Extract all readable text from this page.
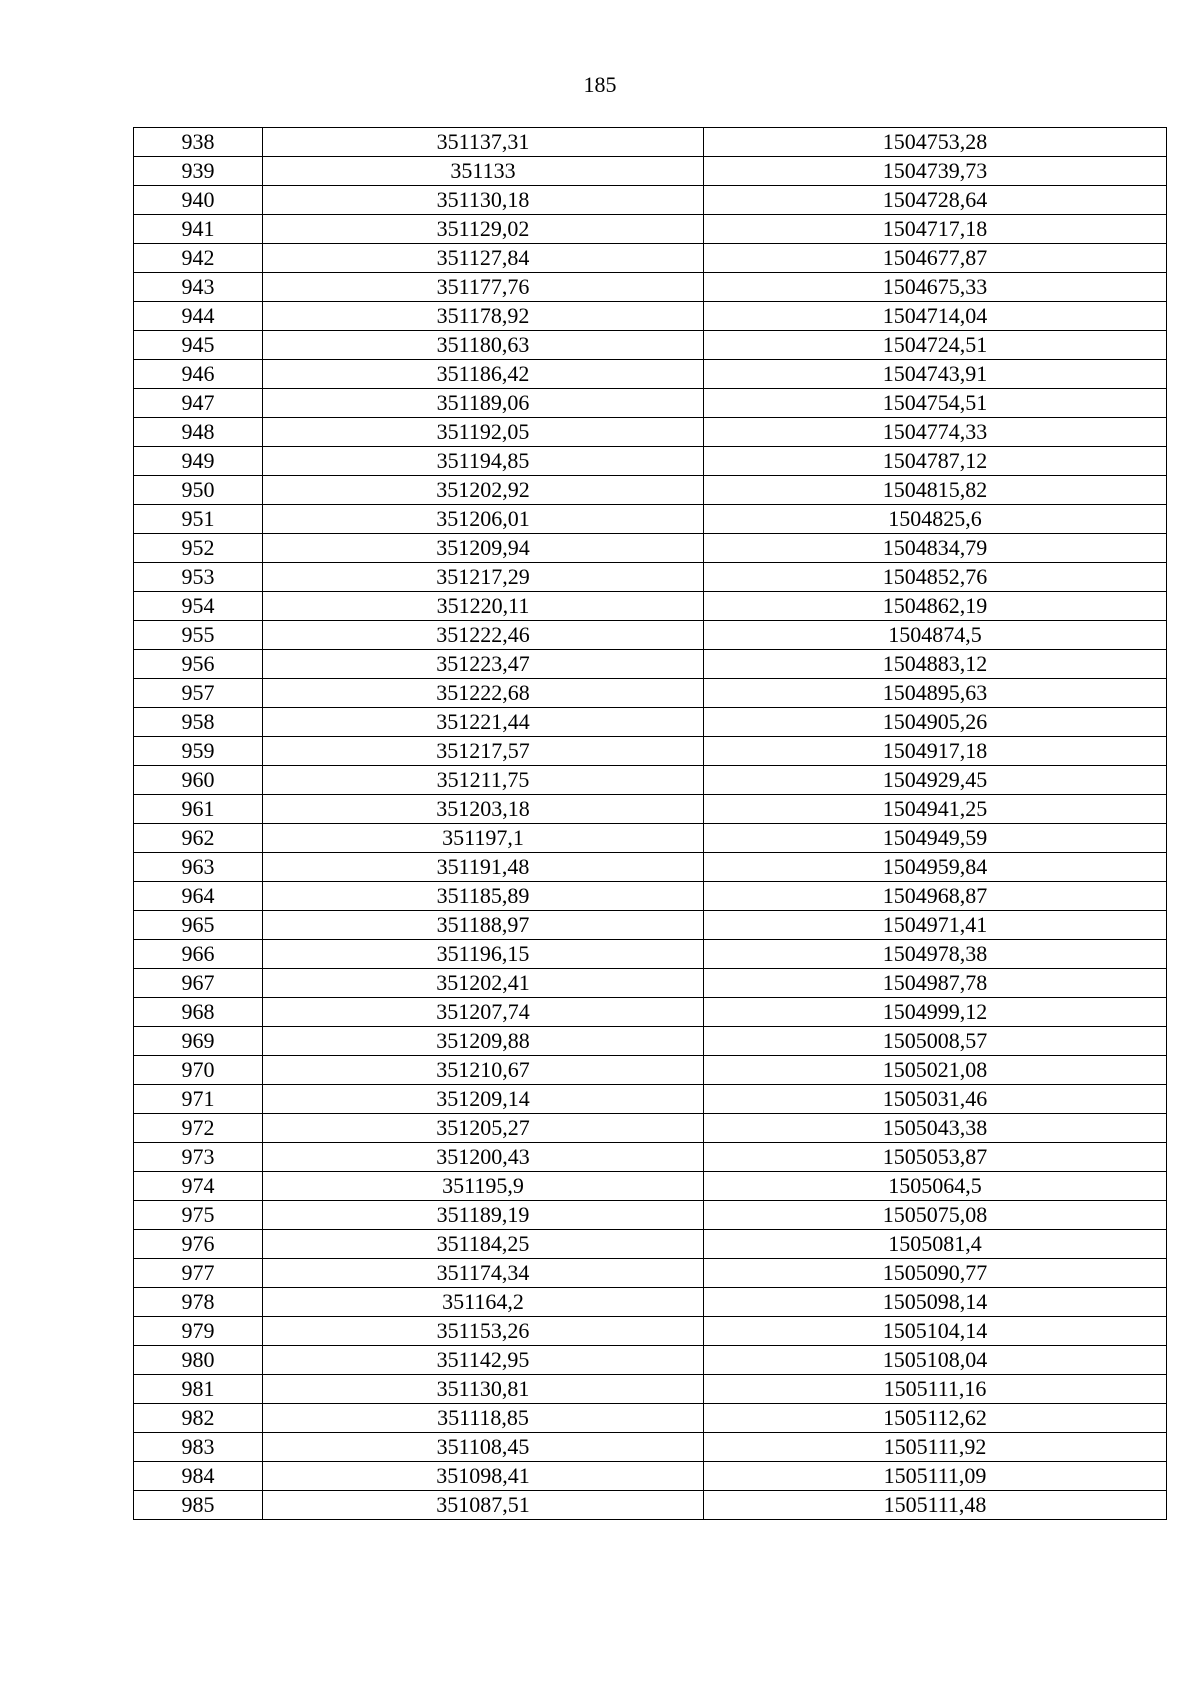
185
938	351137,31	1504753,28
939	351133	1504739,73
940	351130,18	1504728,64
941	351129,02	1504717,18
942	351127,84	1504677,87
943	351177,76	1504675,33
944	351178,92	1504714,04
945	351180,63	1504724,51
946	351186,42	1504743,91
947	351189,06	1504754,51
948	351192,05	1504774,33
949	351194,85	1504787,12
950	351202,92	1504815,82
951	351206,01	1504825,6
952	351209,94	1504834,79
953	351217,29	1504852,76
954	351220,11	1504862,19
955	351222,46	1504874,5
956	351223,47	1504883,12
957	351222,68	1504895,63
958	351221,44	1504905,26
959	351217,57	1504917,18
960	351211,75	1504929,45
961	351203,18	1504941,25
962	351197,1	1504949,59
963	351191,48	1504959,84
964	351185,89	1504968,87
965	351188,97	1504971,41
966	351196,15	1504978,38
967	351202,41	1504987,78
968	351207,74	1504999,12
969	351209,88	1505008,57
970	351210,67	1505021,08
971	351209,14	1505031,46
972	351205,27	1505043,38
973	351200,43	1505053,87
974	351195,9	1505064,5
975	351189,19	1505075,08
976	351184,25	1505081,4
977	351174,34	1505090,77
978	351164,2	1505098,14
979	351153,26	1505104,14
980	351142,95	1505108,04
981	351130,81	1505111,16
982	351118,85	1505112,62
983	351108,45	1505111,92
984	351098,41	1505111,09
985	351087,51	1505111,48
